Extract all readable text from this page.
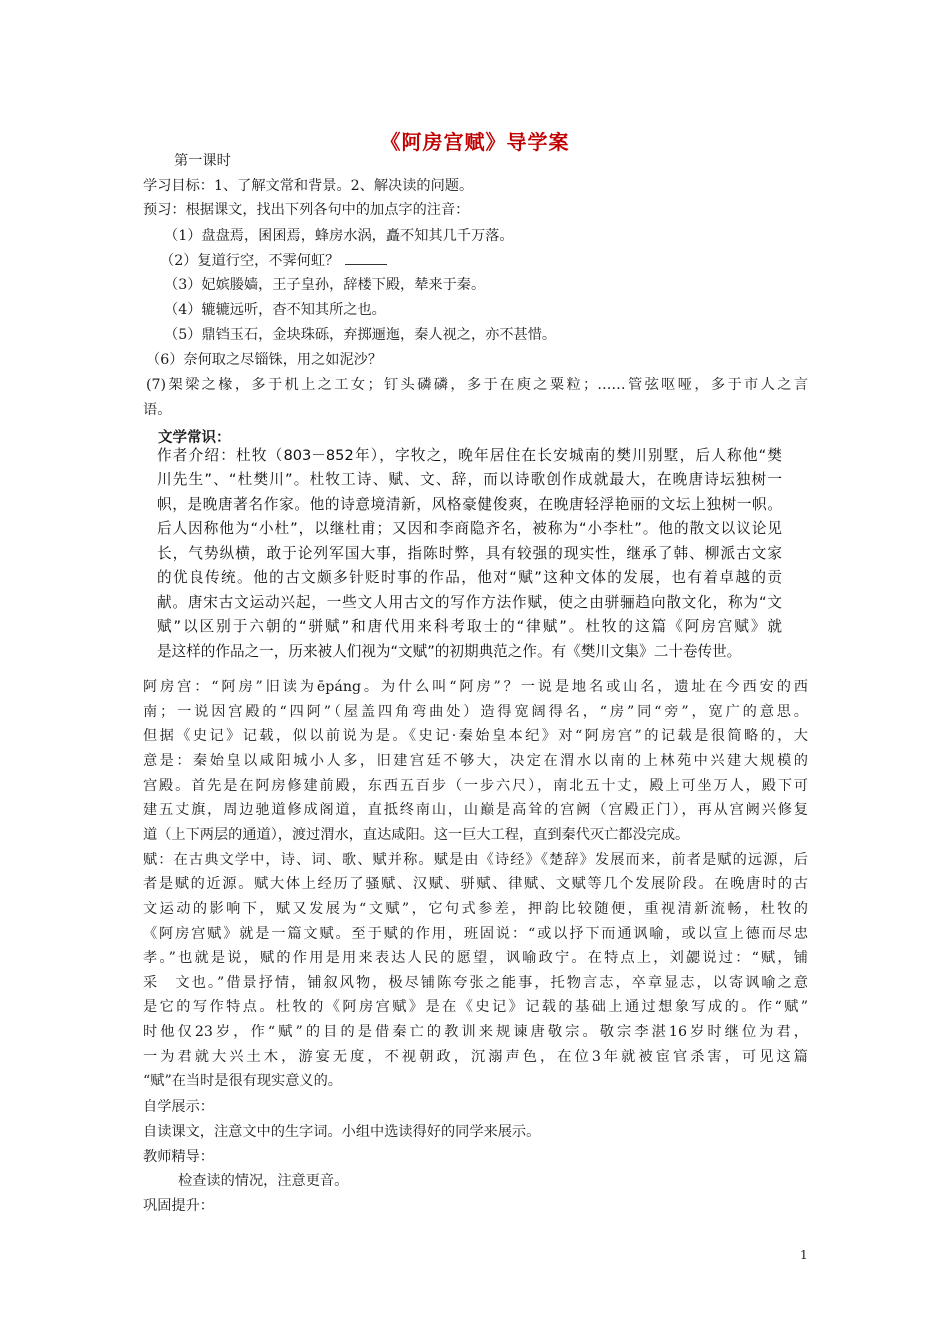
《阿房宫赋》导学案
第一课时
学习目标：1、了解文常和背景。2、解决读的问题。
预习：根据课文，找出下列各句中的加点字的注音：
（1）盘盘焉，囷囷焉，蜂房水涡，矗不知其几千万落。
（2）复道行空，不霁何虹？
（3）妃嫔媵嫱，王子皇孙，辞楼下殿，辇来于秦。
（4）辘辘远听，杳不知其所之也。
（5）鼎铛玉石，金块珠砾，弃掷逦迤，秦人视之，亦不甚惜。
（6）奈何取之尽锱铢，用之如泥沙？
(7)架梁之椽，多于机上之工女；钉头磷磷，多于在庾之粟粒；……管弦呕哑，多于市人之言
语。
文学常识：
作者介绍：杜牧（803－852年），字牧之，晚年居住在长安城南的樊川别墅，后人称他“樊
川先生”、“杜樊川”。杜牧工诗、赋、文、辞，而以诗歌创作成就最大，在晚唐诗坛独树一
帜，是晚唐著名作家。他的诗意境清新，风格豪健俊爽，在晚唐轻浮艳丽的文坛上独树一帜。
后人因称他为“小杜”，以继杜甫；又因和李商隐齐名，被称为“小李杜”。他的散文以议论见
长，气势纵横，敢于论列军国大事，指陈时弊，具有较强的现实性，继承了韩、柳派古文家
的优良传统。他的古文颇多针贬时事的作品，他对“赋”这种文体的发展，也有着卓越的贡
献。唐宋古文运动兴起，一些文人用古文的写作方法作赋，使之由骈骊趋向散文化，称为“文
赋”以区别于六朝的“骈赋”和唐代用来科考取士的“律赋”。杜牧的这篇《阿房宫赋》就
是这样的作品之一，历来被人们视为“文赋”的初期典范之作。有《樊川文集》二十卷传世。
阿房宫：“阿房”旧读为ēpáng。为什么叫“阿房”？一说是地名或山名，遗址在今西安的西
南；一说因宫殿的“四阿”（屋盖四角弯曲处）造得宽阔得名，“房”同“旁”，宽广的意思。
但据《史记》记载，似以前说为是。《史记·秦始皇本纪》对“阿房宫”的记载是很简略的，大
意是：秦始皇以咸阳城小人多，旧建宫廷不够大，决定在渭水以南的上林苑中兴建大规模的
宫殿。首先是在阿房修建前殿，东西五百步（一步六尺），南北五十丈，殿上可坐万人，殿下可
建五丈旗，周边驰道修成阁道，直抵终南山，山巅是高耸的宫阙（宫殿正门），再从宫阙兴修复
道（上下两层的通道），渡过渭水，直达咸阳。这一巨大工程，直到秦代灭亡都没完成。
赋：在古典文学中，诗、词、歌、赋并称。赋是由《诗经》《楚辞》发展而来，前者是赋的远源，后
者是赋的近源。赋大体上经历了骚赋、汉赋、骈赋、律赋、文赋等几个发展阶段。在晚唐时的古
文运动的影响下，赋又发展为“文赋”，它句式参差，押韵比较随便，重视清新流畅，杜牧的
《阿房宫赋》就是一篇文赋。至于赋的作用，班固说：“或以抒下而通讽喻，或以宣上德而尽忠
孝。”也就是说，赋的作用是用来表达人民的愿望，讽喻政宁。在特点上，刘勰说过：“赋，铺
采　文也。”借景抒情，铺叙风物，极尽铺陈夸张之能事，托物言志，卒章显志，以寄讽喻之意
是它的写作特点。杜牧的《阿房宫赋》是在《史记》记载的基础上通过想象写成的。作“赋”
时他仅23岁，作“赋”的目的是借秦亡的教训来规谏唐敬宗。敬宗李湛16岁时继位为君，
一为君就大兴土木，游宴无度，不视朝政，沉溺声色，在位3年就被宦官杀害，可见这篇
“赋”在当时是很有现实意义的。
自学展示：
自读课文，注意文中的生字词。小组中选读得好的同学来展示。
教师精导：
检查读的情况，注意更音。
巩固提升：
1
